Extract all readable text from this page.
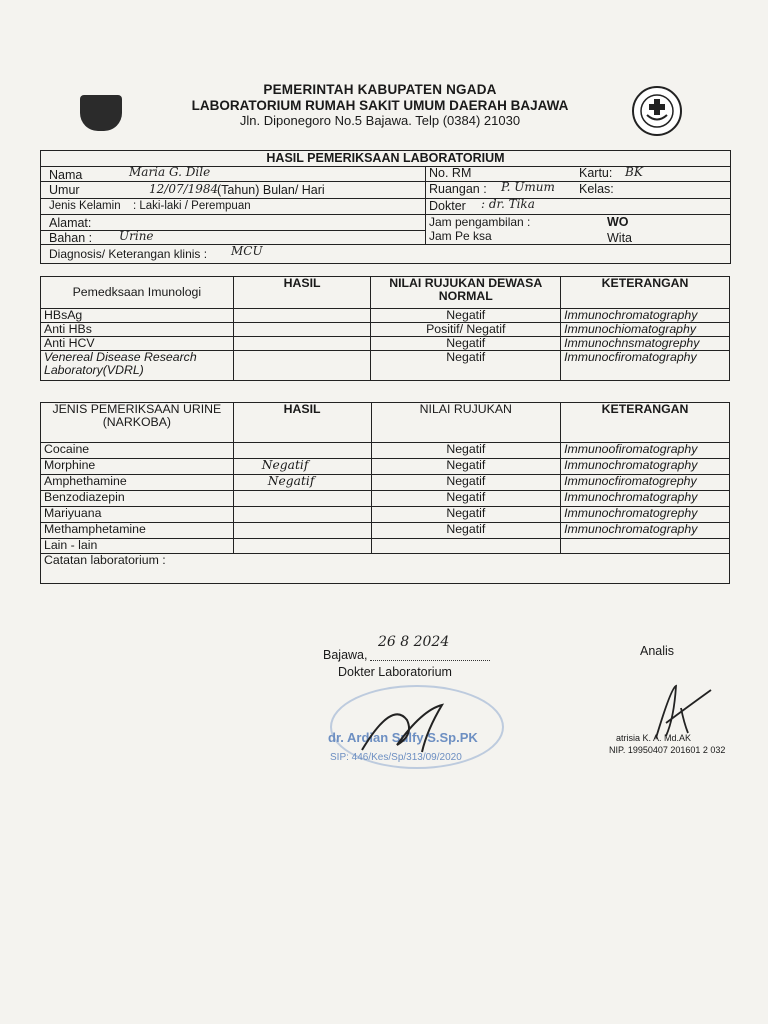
PEMERINTAH KABUPATEN NGADA
LABORATORIUM RUMAH SAKIT UMUM DAERAH BAJAWA
Jln. Diponegoro No.5 Bajawa. Telp (0384) 21030
HASIL PEMERIKSAAN LABORATORIUM
Nama	Maria G. Dile
Umur	12/07/1984
(Tahun) Bulan/ Hari
Jenis Kelamin : Laki-laki / Perempuan
Alamat:
Bahan : Urine
Diagnosis/ Keterangan klinis : MCU
No. RM	Kartu: BK
Ruangan : P. Umum Kelas:
Dokter : dr. Tika
Jam pengambilan :	WO
Jam Pe ksa	Wita
Pemedksaan Imunologi	HASIL	NILAI RUJUKAN DEWASA NORMAL	KETERANGAN
HBsAg		Negatif	Immunochromatography
Anti HBs		Positif/ Negatif	Immunochiomatography
Anti HCV		Negatif	Immunochnsmatogrephy
Venereal Disease Research Laboratory(VDRL)		Negatif	Immunocfiromatography
JENIS PEMERIKSAAN URINE (NARKOBA)	HASIL	NILAI RUJUKAN	KETERANGAN
Cocaine		Negatif	Immunoofiromatography
Morphine	Negatif	Negatif	Immunochromatography
Amphethamine	Negatif	Negatif	Immunocfiromatogrephy
Benzodiazepin		Negatif	Immunochromatography
Mariyuana		Negatif	Immunochromatogrephy
Methamphetamine		Negatif	Immunochromatography
Lain - lain			
Catatan laboratorium :			
Bajawa,
26 8 2024
Dokter Laboratorium
dr. Ardian Sulfy S.Sp.PK
SIP: 446/Kes/Sp/313/09/2020
Analis
atrisia K. A. Md.AK
NIP. 19950407 201601 2 032
